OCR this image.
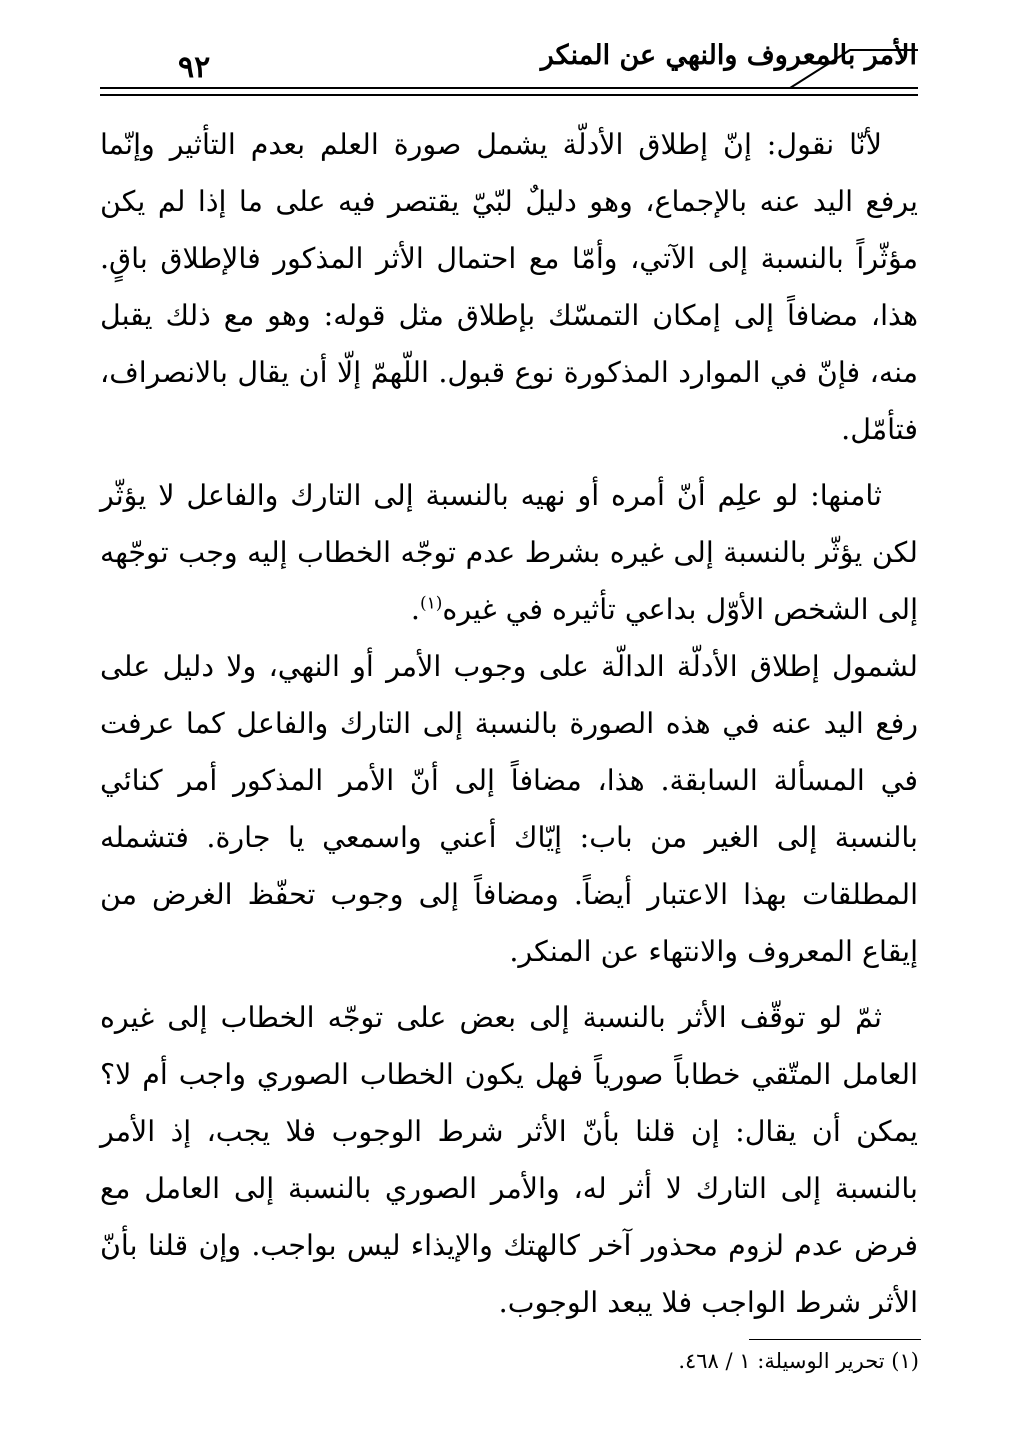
الأمر بالمعروف والنهي عن المنكر
٩٢

لأنّا نقول: إنّ إطلاق الأدلّة يشمل صورة العلم بعدم التأثير وإنّما يرفع اليد عنه بالإجماع، وهو دليلٌ لبّيّ يقتصر فيه على ما إذا لم يكن مؤثّراً بالنسبة إلى الآتي، وأمّا مع احتمال الأثر المذكور فالإطلاق باقٍ. هذا، مضافاً إلى إمكان التمسّك بإطلاق مثل قوله: وهو مع ذلك يقبل منه، فإنّ في الموارد المذكورة نوع قبول. اللّهمّ إلّا أن يقال بالانصراف، فتأمّل.

ثامنها: لو علِم أنّ أمره أو نهيه بالنسبة إلى التارك والفاعل لا يؤثّر لكن يؤثّر بالنسبة إلى غيره بشرط عدم توجّه الخطاب إليه وجب توجّهه إلى الشخص الأوّل بداعي تأثيره في غيره$^{(١)}$.

لشمول إطلاق الأدلّة الدالّة على وجوب الأمر أو النهي، ولا دليل على رفع اليد عنه في هذه الصورة بالنسبة إلى التارك والفاعل كما عرفت في المسألة السابقة. هذا، مضافاً إلى أنّ الأمر المذكور أمر كنائي بالنسبة إلى الغير من باب: إيّاك أعني واسمعي يا جارة. فتشمله المطلقات بهذا الاعتبار أيضاً. ومضافاً إلى وجوب تحفّظ الغرض من إيقاع المعروف والانتهاء عن المنكر.

ثمّ لو توقّف الأثر بالنسبة إلى بعض على توجّه الخطاب إلى غيره العامل المتّقي خطاباً صورياً فهل يكون الخطاب الصوري واجب أم لا؟ يمكن أن يقال: إن قلنا بأنّ الأثر شرط الوجوب فلا يجب، إذ الأمر بالنسبة إلى التارك لا أثر له، والأمر الصوري بالنسبة إلى العامل مع فرض عدم لزوم محذور آخر كالهتك والإيذاء ليس بواجب. وإن قلنا بأنّ الأثر شرط الواجب فلا يبعد الوجوب.

(١) تحرير الوسيلة: ١ / ٤٦٨.
